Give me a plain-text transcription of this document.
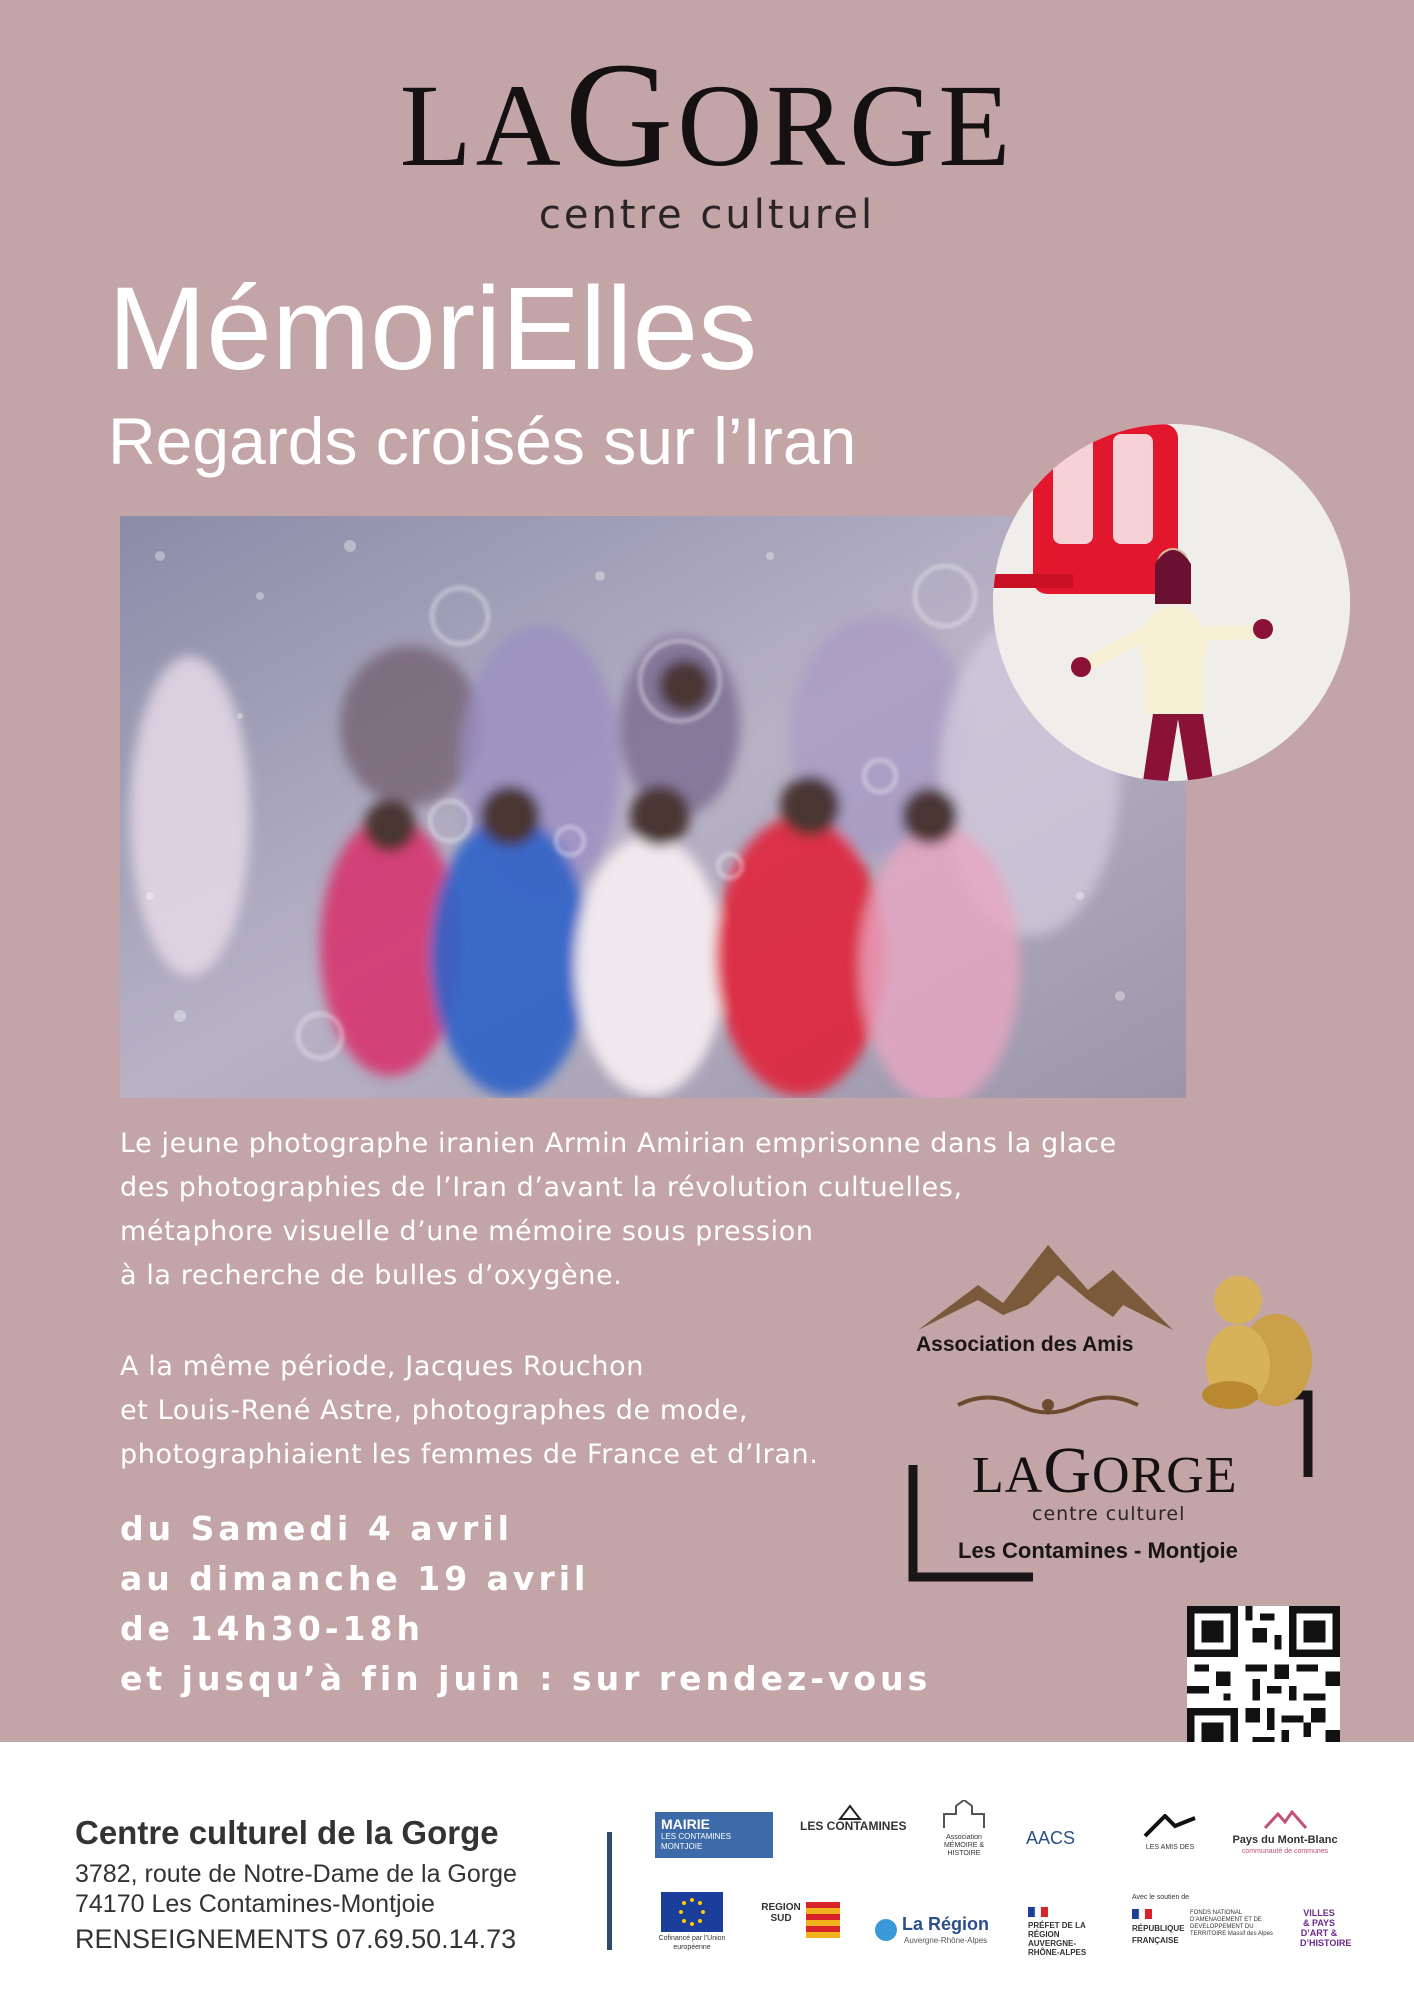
LAGORGE
centre culturel
MémoriElles
Regards croisés sur l’Iran
Le jeune photographe iranien Armin Amirian emprisonne dans la glace
des photographies de l’Iran d’avant la révolution cultuelles,
métaphore visuelle d’une mémoire sous pression
à la recherche de bulles d’oxygène.
A la même période, Jacques Rouchon
et Louis-René Astre, photographes de mode,
photographiaient les femmes de France et d’Iran.
du Samedi 4 avril
au dimanche 19 avril
de 14h30-18h
et jusqu’à fin juin : sur rendez-vous
Association des Amis
LAGORGE
centre culturel
Les Contamines - Montjoie
Centre culturel de la Gorge
3782, route de Notre-Dame de la Gorge
74170 Les Contamines-Montjoie
RENSEIGNEMENTS 07.69.50.14.73
MAIRIE
LES CONTAMINES
MONTJOIE
LES CONTAMINES
Association MÉMOIRE & HISTOIRE
AACS	LES AMIS DES
Pays du Mont-Blanc
communauté de communes
Cofinancé par l’Union européenne
REGION SUD	La Région
Auvergne-Rhône-Alpes
PRÉFET DE LA RÉGION AUVERGNE-RHÔNE-ALPES
Avec le soutien de
RÉPUBLIQUE FRANÇAISE
FONDS NATIONAL D’AMENAGEMENT ET DE DEVELOPPEMENT DU TERRITOIRE Massif des Alpes
VILLES & PAYS D’ART & D’HISTOIRE
